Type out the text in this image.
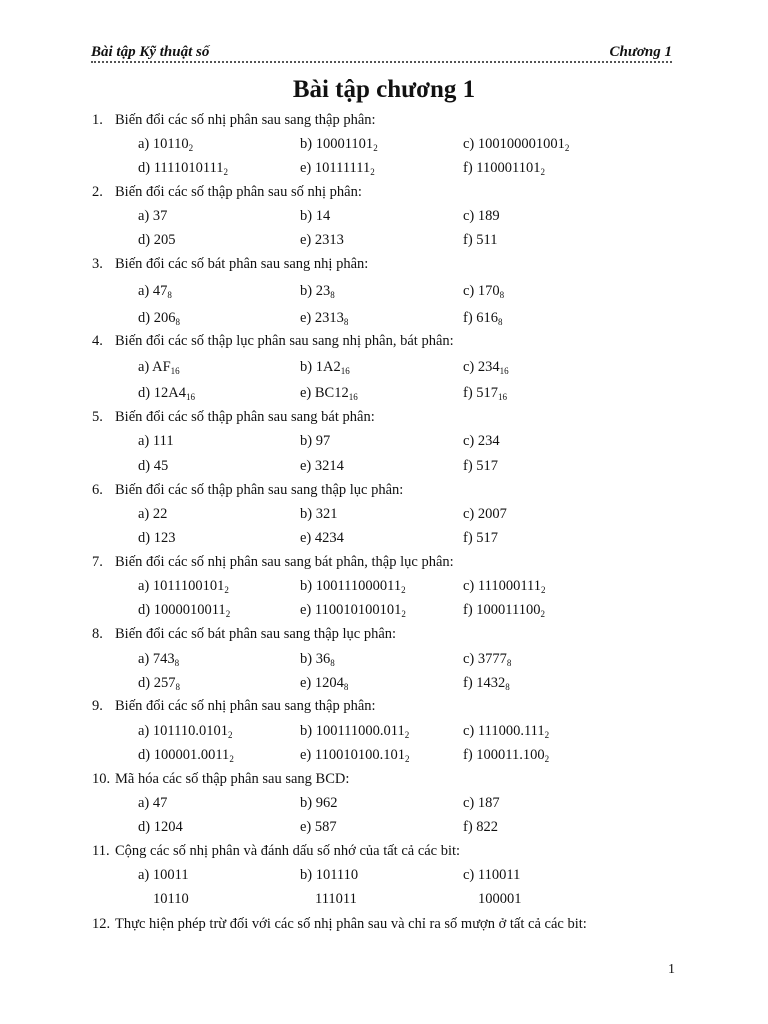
Bài tập Kỹ thuật số	Chương 1
Bài tập chương 1
1. Biến đổi các số nhị phân sau sang thập phân:
a) $10110_2$	b) $10001101_2$	c) $100100001001_2$
d) $1111010111_2$	e) $10111111_2$	f) $110001101_2$
2. Biến đổi các số thập phân sau số nhị phân:
a) 37	b) 14	c) 189
d) 205	e) 2313	f) 511
3. Biến đổi các số bát phân sau sang nhị phân:
a) $47_8$	b) $23_8$	c) $170_8$
d) $206_8$	e) $2313_8$	f) $616_8$
4. Biến đổi các số thập lục phân sau sang nhị phân, bát phân:
a) $AF_{16}$	b) $1A2_{16}$	c) $234_{16}$
d) $12A4_{16}$	e) $BC12_{16}$	f) $517_{16}$
5. Biến đổi các số thập phân sau sang bát phân:
a) 111	b) 97	c) 234
d) 45	e) 3214	f) 517
6. Biến đổi các số thập phân sau sang thập lục phân:
a) 22	b) 321	c) 2007
d) 123	e) 4234	f) 517
7. Biến đổi các số nhị phân sau sang bát phân, thập lục phân:
a) $1011100101_2$	b) $100111000011_2$	c) $111000111_2$
d) $1000010011_2$	e) $110010100101_2$	f) $100011100_2$
8. Biến đổi các số bát phân sau sang thập lục phân:
a) $743_8$	b) $36_8$	c) $3777_8$
d) $257_8$	e) $1204_8$	f) $1432_8$
9. Biến đổi các số nhị phân sau sang thập phân:
a) $101110.0101_2$	b) $100111000.011_2$	c) $111000.111_2$
d) $100001.0011_2$	e) $110010100.101_2$	f) $100011.100_2$
10. Mã hóa các số thập phân sau sang BCD:
a) 47	b) 962	c) 187
d) 1204	e) 587	f) 822
11. Cộng các số nhị phân và đánh dấu số nhớ của tất cả các bit:
a) 10011	b) 101110	c) 110011
10110	111011	100001
12. Thực hiện phép trừ đối với các số nhị phân sau và chỉ ra số mượn ở tất cả các bit:
1
